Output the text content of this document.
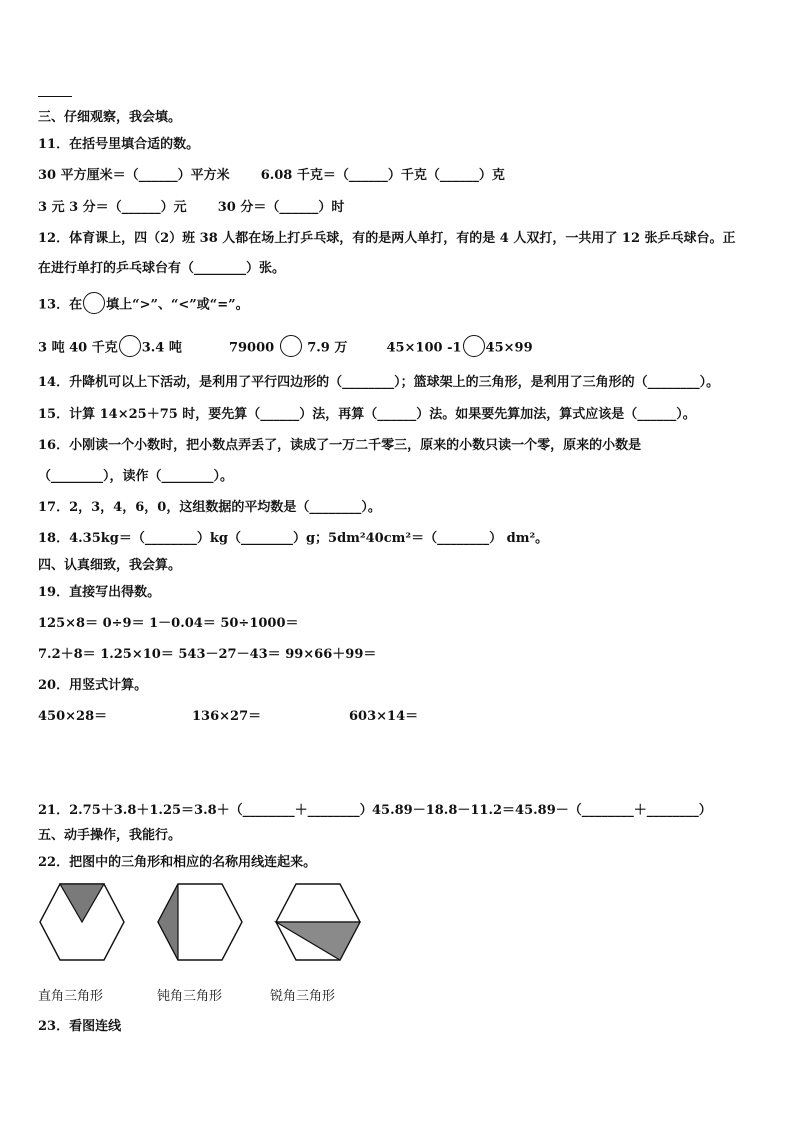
三、仔细观察，我会填。
11．在括号里填合适的数。
30 平方厘米＝（______）平方米 6.08 千克＝（______）千克（______）克
3 元 3 分＝（______）元 30 分＝（______）时
12．体育课上，四（2）班 38 人都在场上打乒乓球，有的是两人单打，有的是 4 人双打，一共用了 12 张乒乓球台。正
在进行单打的乒乓球台有（________）张。
13．在 填上“>”、“<”或“=”。
3 吨 40 千克 3.4 吨	79000	7.9 万	45×100 -1 45×99
14．升降机可以上下活动，是利用了平行四边形的（________）；篮球架上的三角形，是利用了三角形的（________）。
15．计算 14×25＋75 时，要先算（______）法，再算（______）法。如果要先算加法，算式应该是（______）。
16．小刚读一个小数时，把小数点弄丢了，读成了一万二千零三，原来的小数只读一个零，原来的小数是
（________），读作（________）。
17．2，3，4，6，0，这组数据的平均数是（________）。
18．4.35kg＝（________）kg（________）g；5dm²40cm²＝（________） dm²。
四、认真细致，我会算。
19．直接写出得数。
125×8＝ 0÷9＝ 1－0.04＝ 50÷1000＝
7.2＋8＝ 1.25×10＝ 543－27－43＝ 99×66＋99＝
20．用竖式计算。
450×28＝	136×27＝	603×14＝
21．2.75＋3.8＋1.25＝3.8＋（________＋________） 45.89－18.8－11.2＝45.89－（________＋________）
五、动手操作，我能行。
22．把图中的三角形和相应的名称用线连起来。
直角三角形	钝角三角形	锐角三角形
23．看图连线
